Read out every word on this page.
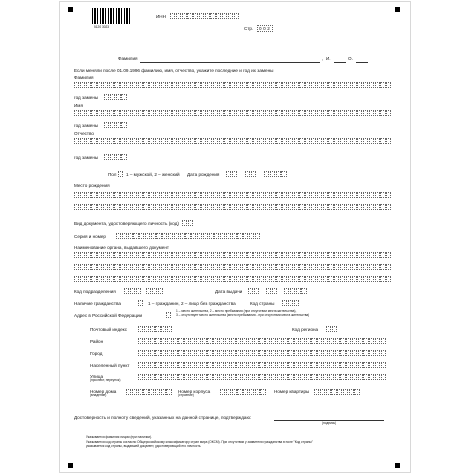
5120 3023
ИНН
Стр.	002
Фамилия	, И.	О.
Если меняли после 01.09.1996 фамилию, имя, отчество, укажите последние и год их замены
Фамилия
год замены
Имя
год замены
Отчество
год замены
Пол 1 – мужской, 2 – женский Дата рождения
Место рождения
Вид документа, удостоверяющего личность (код)
Серия и номер
Наименование органа, выдавшего документ
Код подразделения	Дата выдачи
Наличие гражданства	1 – гражданин, 2 – лицо без гражданства	Код страны
Адрес в Российской Федерации
1 – место жительства, 2 – место пребывания (при отсутствии места жительства),
3 – отсутствует место жительства (место пребывания - при отсутствии места жительства)
Почтовый индекс	Код региона
Район
Город
Населенный пункт
Улица
(проспект, переулок)
Номер дома
(владение)
Номер корпуса
(строение)
Номер квартиры
Достоверность и полноту сведений, указанных на данной странице, подтверждаю:
(подпись)
Указывается фамилия лицом (при наличии).
Указывается код страны согласно Общероссийскому классификатору стран мира (ОКСМ). При отсутствии у заявителя гражданства в поле "Код страны"
указывается код страны, выдавшей документ, удостоверяющий его личность.
